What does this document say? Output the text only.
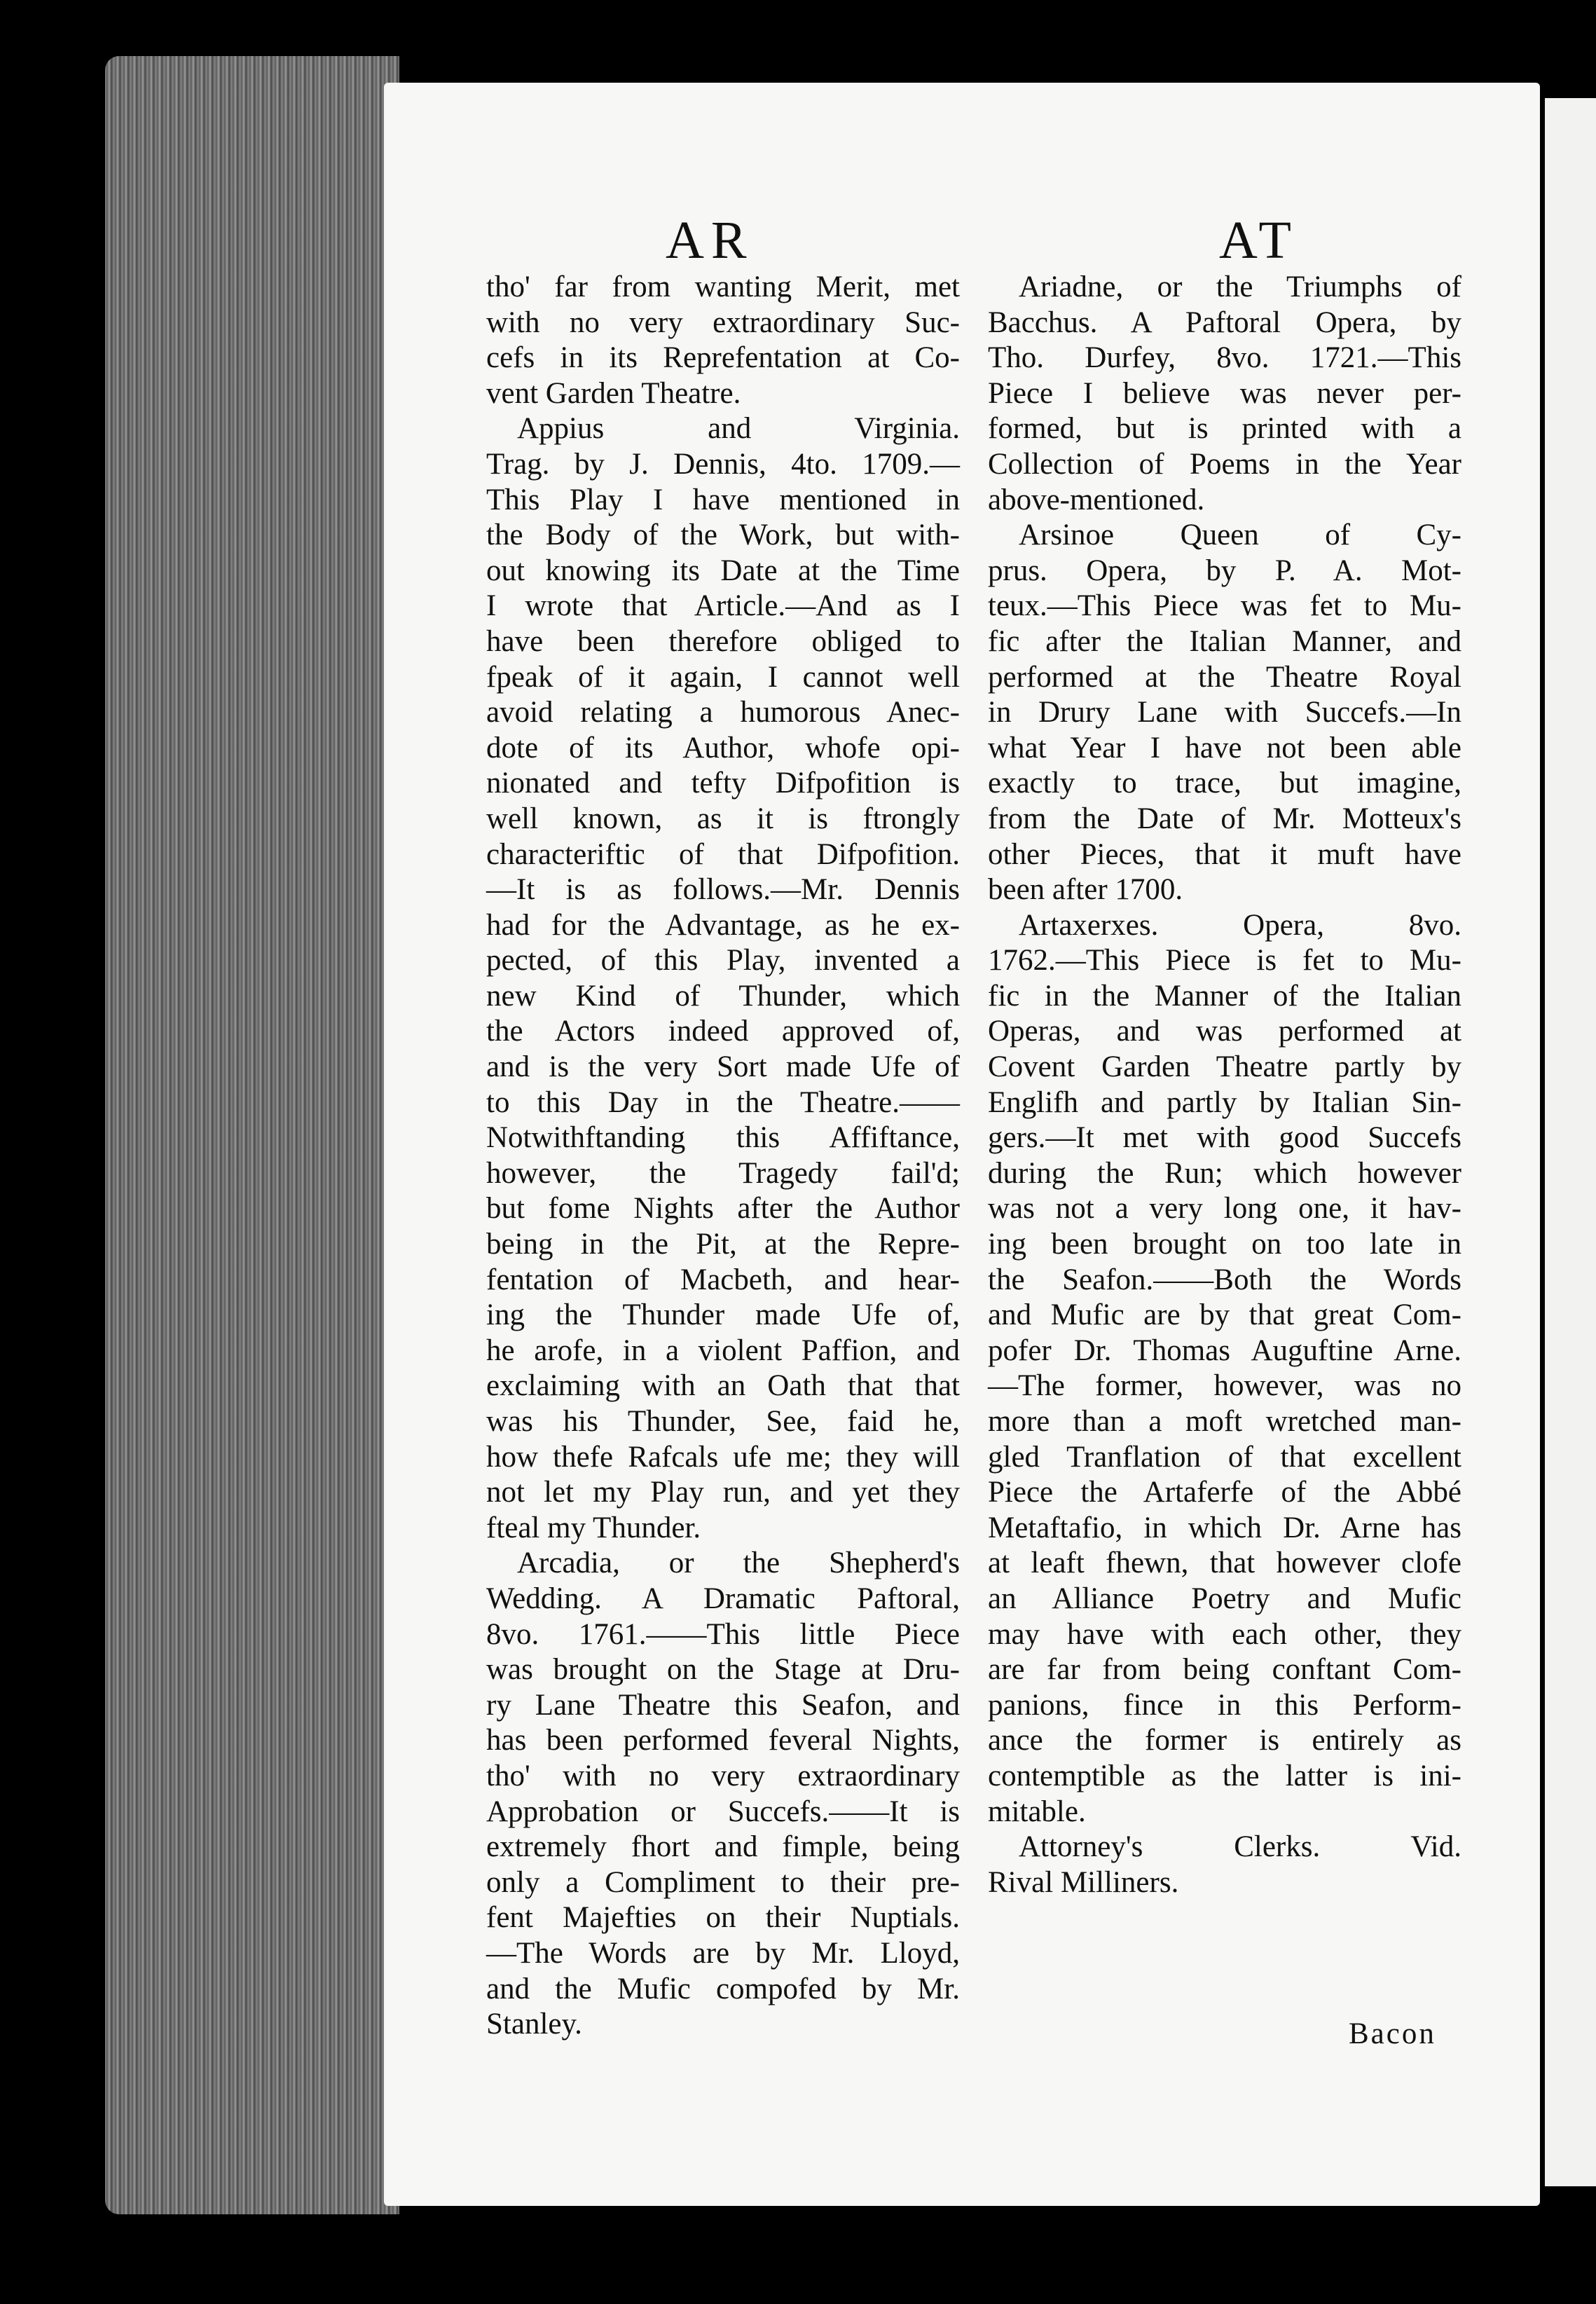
AR	AT

tho' far from wanting Merit, met

with no very extraordinary Suc-

cefs in its Reprefentation at Co-

vent Garden Theatre.

Appius and Virginia.

Trag. by J. Dennis, 4to. 1709.—

This Play I have mentioned in

the Body of the Work, but with-

out knowing its Date at the Time

I wrote that Article.—And as I

have been therefore obliged to

fpeak of it again, I cannot well

avoid relating a humorous Anec-

dote of its Author, whofe opi-

nionated and tefty Difpofition is

well known, as it is ftrongly

characteriftic of that Difpofition.

—It is as follows.—Mr. Dennis

had for the Advantage, as he ex-

pected, of this Play, invented a

new Kind of Thunder, which

the Actors indeed approved of,

and is the very Sort made Ufe of

to this Day in the Theatre.——

Notwithftanding this Affiftance,

however, the Tragedy fail'd;

but fome Nights after the Author

being in the Pit, at the Repre-

fentation of Macbeth, and hear-

ing the Thunder made Ufe of,

he arofe, in a violent Paffion, and

exclaiming with an Oath that that

was his Thunder, See, faid he,

how thefe Rafcals ufe me; they will

not let my Play run, and yet they

fteal my Thunder.

Arcadia, or the Shepherd's

Wedding. A Dramatic Paftoral,

8vo. 1761.——This little Piece

was brought on the Stage at Dru-

ry Lane Theatre this Seafon, and

has been performed feveral Nights,

tho' with no very extraordinary

Approbation or Succefs.——It is

extremely fhort and fimple, being

only a Compliment to their pre-

fent Majefties on their Nuptials.

—The Words are by Mr. Lloyd,

and the Mufic compofed by Mr.

Stanley.

Ariadne, or the Triumphs of

Bacchus. A Paftoral Opera, by

Tho. Durfey, 8vo. 1721.—This

Piece I believe was never per-

formed, but is printed with a

Collection of Poems in the Year

above-mentioned.

Arsinoe Queen of Cy-

prus. Opera, by P. A. Mot-

teux.—This Piece was fet to Mu-

fic after the Italian Manner, and

performed at the Theatre Royal

in Drury Lane with Succefs.—In

what Year I have not been able

exactly to trace, but imagine,

from the Date of Mr. Motteux's

other Pieces, that it muft have

been after 1700.

Artaxerxes. Opera, 8vo.

1762.—This Piece is fet to Mu-

fic in the Manner of the Italian

Operas, and was performed at

Covent Garden Theatre partly by

Englifh and partly by Italian Sin-

gers.—It met with good Succefs

during the Run; which however

was not a very long one, it hav-

ing been brought on too late in

the Seafon.——Both the Words

and Mufic are by that great Com-

pofer Dr. Thomas Auguftine Arne.

—The former, however, was no

more than a moft wretched man-

gled Tranflation of that excellent

Piece the Artaferfe of the Abbé

Metaftafio, in which Dr. Arne has

at leaft fhewn, that however clofe

an Alliance Poetry and Mufic

may have with each other, they

are far from being conftant Com-

panions, fince in this Perform-

ance the former is entirely as

contemptible as the latter is ini-

mitable.

Attorney's Clerks. Vid.

Rival Milliners.

Bacon
